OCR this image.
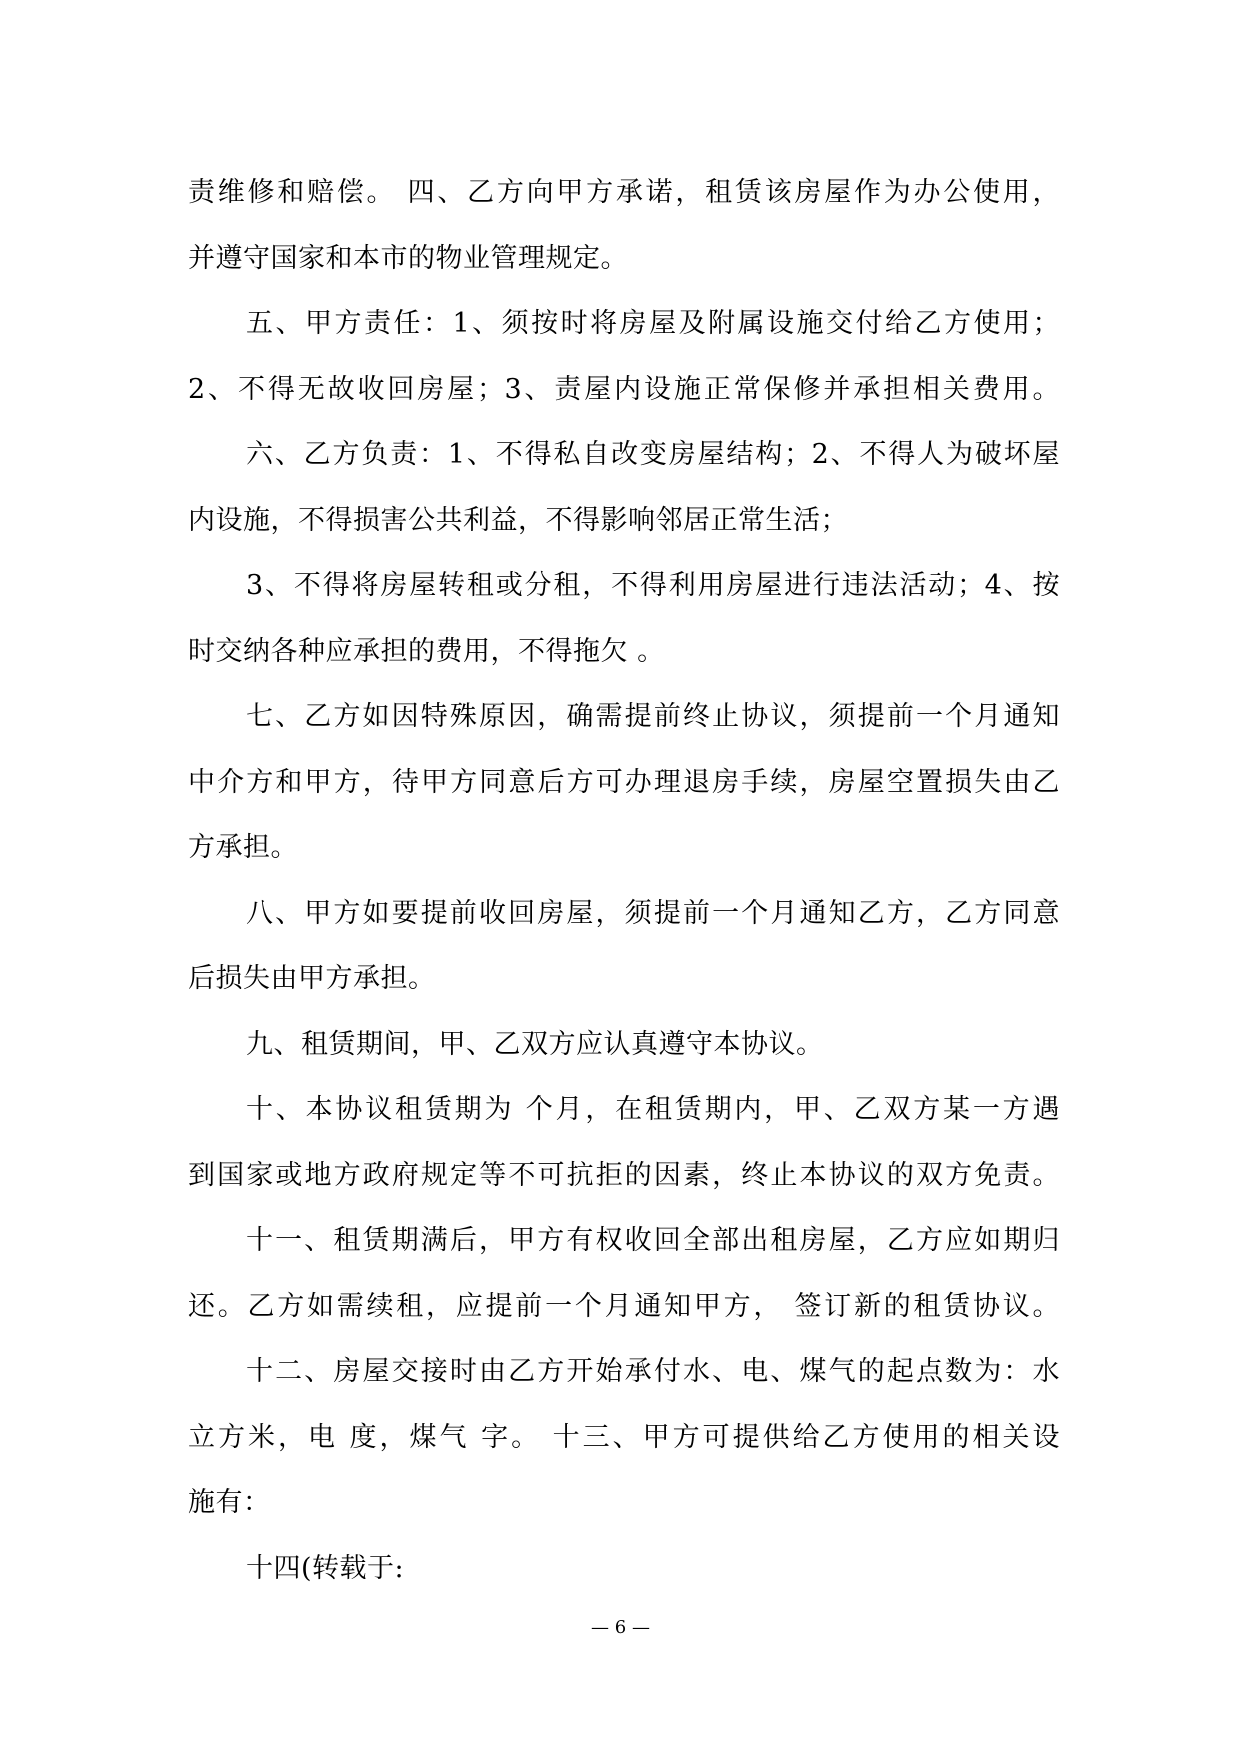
责维修和赔偿。 四、乙方向甲方承诺，租赁该房屋作为办公使用，
并遵守国家和本市的物业管理规定。
五、甲方责任：1、须按时将房屋及附属设施交付给乙方使用；
2、不得无故收回房屋；3、责屋内设施正常保修并承担相关费用。
六、乙方负责：1、不得私自改变房屋结构；2、不得人为破坏屋
内设施，不得损害公共利益，不得影响邻居正常生活；
3、不得将房屋转租或分租，不得利用房屋进行违法活动；4、按
时交纳各种应承担的费用，不得拖欠 。
七、乙方如因特殊原因，确需提前终止协议，须提前一个月通知
中介方和甲方，待甲方同意后方可办理退房手续，房屋空置损失由乙
方承担。
八、甲方如要提前收回房屋，须提前一个月通知乙方，乙方同意
后损失由甲方承担。
九、租赁期间，甲、乙双方应认真遵守本协议。
十、本协议租赁期为 个月，在租赁期内，甲、乙双方某一方遇
到国家或地方政府规定等不可抗拒的因素，终止本协议的双方免责。
十一、租赁期满后，甲方有权收回全部出租房屋，乙方应如期归
还。乙方如需续租，应提前一个月通知甲方， 签订新的租赁协议。
十二、房屋交接时由乙方开始承付水、电、煤气的起点数为：水
立方米，电 度，煤气 字。 十三、甲方可提供给乙方使用的相关设
施有：
十四(转载于:
— 6 —
